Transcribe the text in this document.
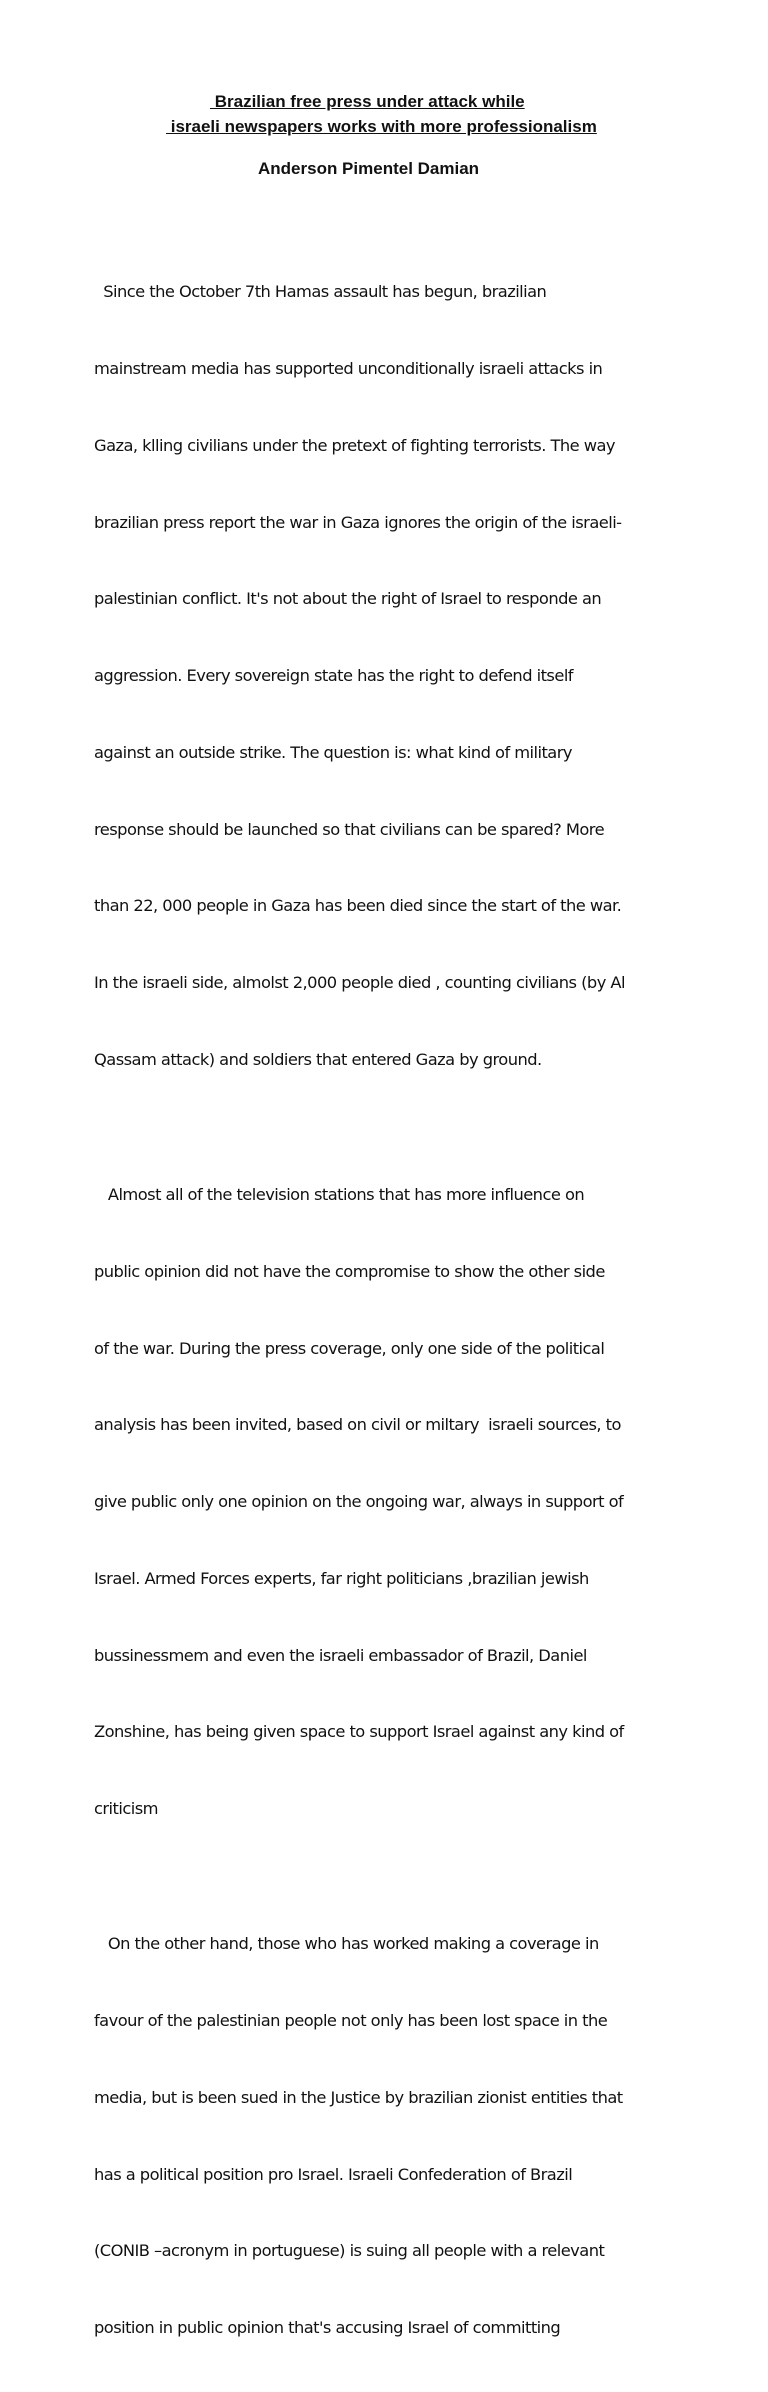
Brazilian free press under attack while
israeli newspapers works with more professionalism
Anderson Pimentel Damian

Since the October 7th Hamas assault has begun, brazilian

mainstream media has supported unconditionally israeli attacks in

Gaza, klling civilians under the pretext of fighting terrorists. The way

brazilian press report the war in Gaza ignores the origin of the israeli-

palestinian conflict. It's not about the right of Israel to responde an

aggression. Every sovereign state has the right to defend itself

against an outside strike. The question is: what kind of military

response should be launched so that civilians can be spared? More

than 22, 000 people in Gaza has been died since the start of the war.

In the israeli side, almolst 2,000 people died , counting civilians (by Al

Qassam attack) and soldiers that entered Gaza by ground.

Almost all of the television stations that has more influence on

public opinion did not have the compromise to show the other side

of the war. During the press coverage, only one side of the political

analysis has been invited, based on civil or miltary  israeli sources, to

give public only one opinion on the ongoing war, always in support of

Israel. Armed Forces experts, far right politicians ,brazilian jewish

bussinessmem and even the israeli embassador of Brazil, Daniel

Zonshine, has being given space to support Israel against any kind of

criticism

On the other hand, those who has worked making a coverage in

favour of the palestinian people not only has been lost space in the

media, but is been sued in the Justice by brazilian zionist entities that

has a political position pro Israel. Israeli Confederation of Brazil

(CONIB –acronym in portuguese) is suing all people with a relevant

position in public opinion that's accusing Israel of committing
